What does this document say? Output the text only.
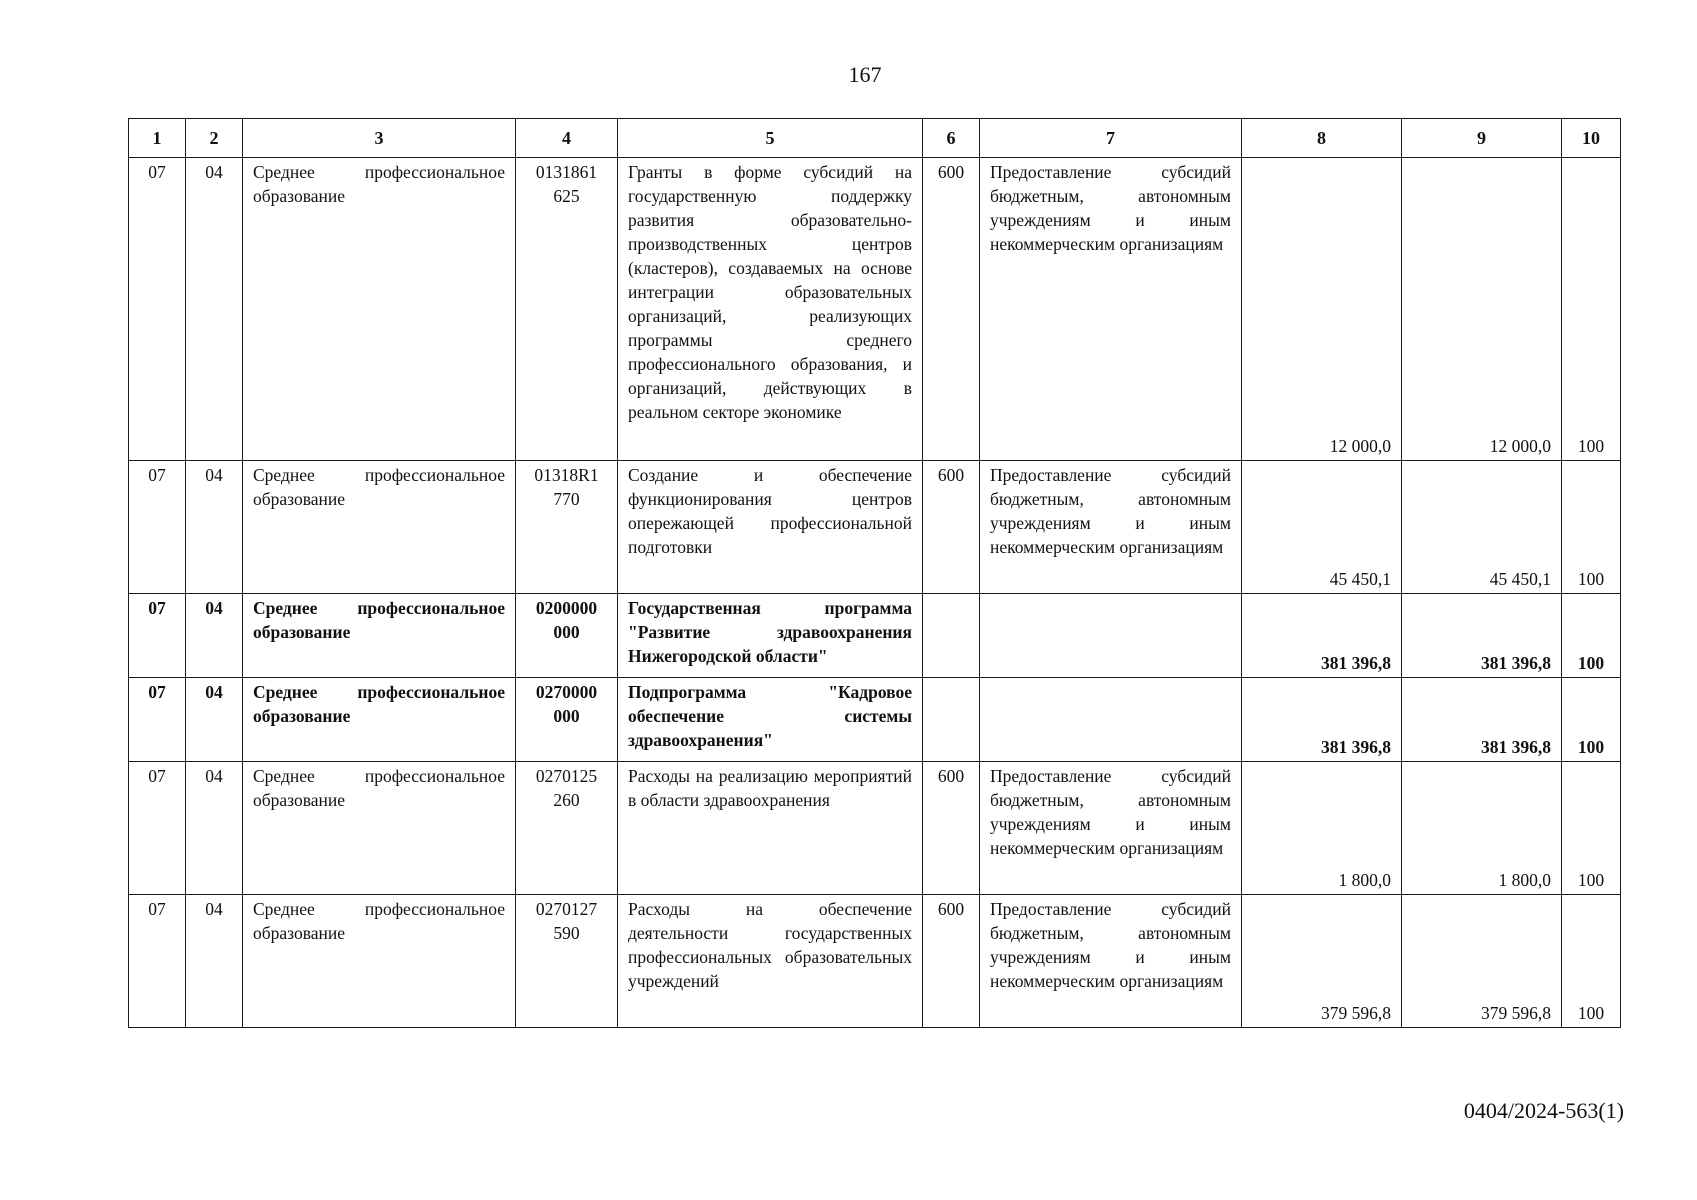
167
1	2	3	4	5	6	7	8	9	10
07	04	Среднее профессиональное образование	0131861 625	Гранты в форме субсидий на государственную поддержку развития образовательно-производственных центров (кластеров), создаваемых на основе интеграции образовательных организаций, реализующих программы среднего профессионального образования, и организаций, действующих в реальном секторе экономике	600	Предоставление субсидий бюджетным, автономным учреждениям и иным некоммерческим организациям	12 000,0	12 000,0	100
07	04	Среднее профессиональное образование	01318R1 770	Создание и обеспечение функционирования центров опережающей профессиональной подготовки	600	Предоставление субсидий бюджетным, автономным учреждениям и иным некоммерческим организациям	45 450,1	45 450,1	100
07	04	Среднее профессиональное образование	0200000 000	Государственная программа "Развитие здравоохранения Нижегородской области"			381 396,8	381 396,8	100
07	04	Среднее профессиональное образование	0270000 000	Подпрограмма "Кадровое обеспечение системы здравоохранения"			381 396,8	381 396,8	100
07	04	Среднее профессиональное образование	0270125 260	Расходы на реализацию мероприятий в области здравоохранения	600	Предоставление субсидий бюджетным, автономным учреждениям и иным некоммерческим организациям	1 800,0	1 800,0	100
07	04	Среднее профессиональное образование	0270127 590	Расходы на обеспечение деятельности государственных профессиональных образовательных учреждений	600	Предоставление субсидий бюджетным, автономным учреждениям и иным некоммерческим организациям	379 596,8	379 596,8	100
0404/2024-563(1)
